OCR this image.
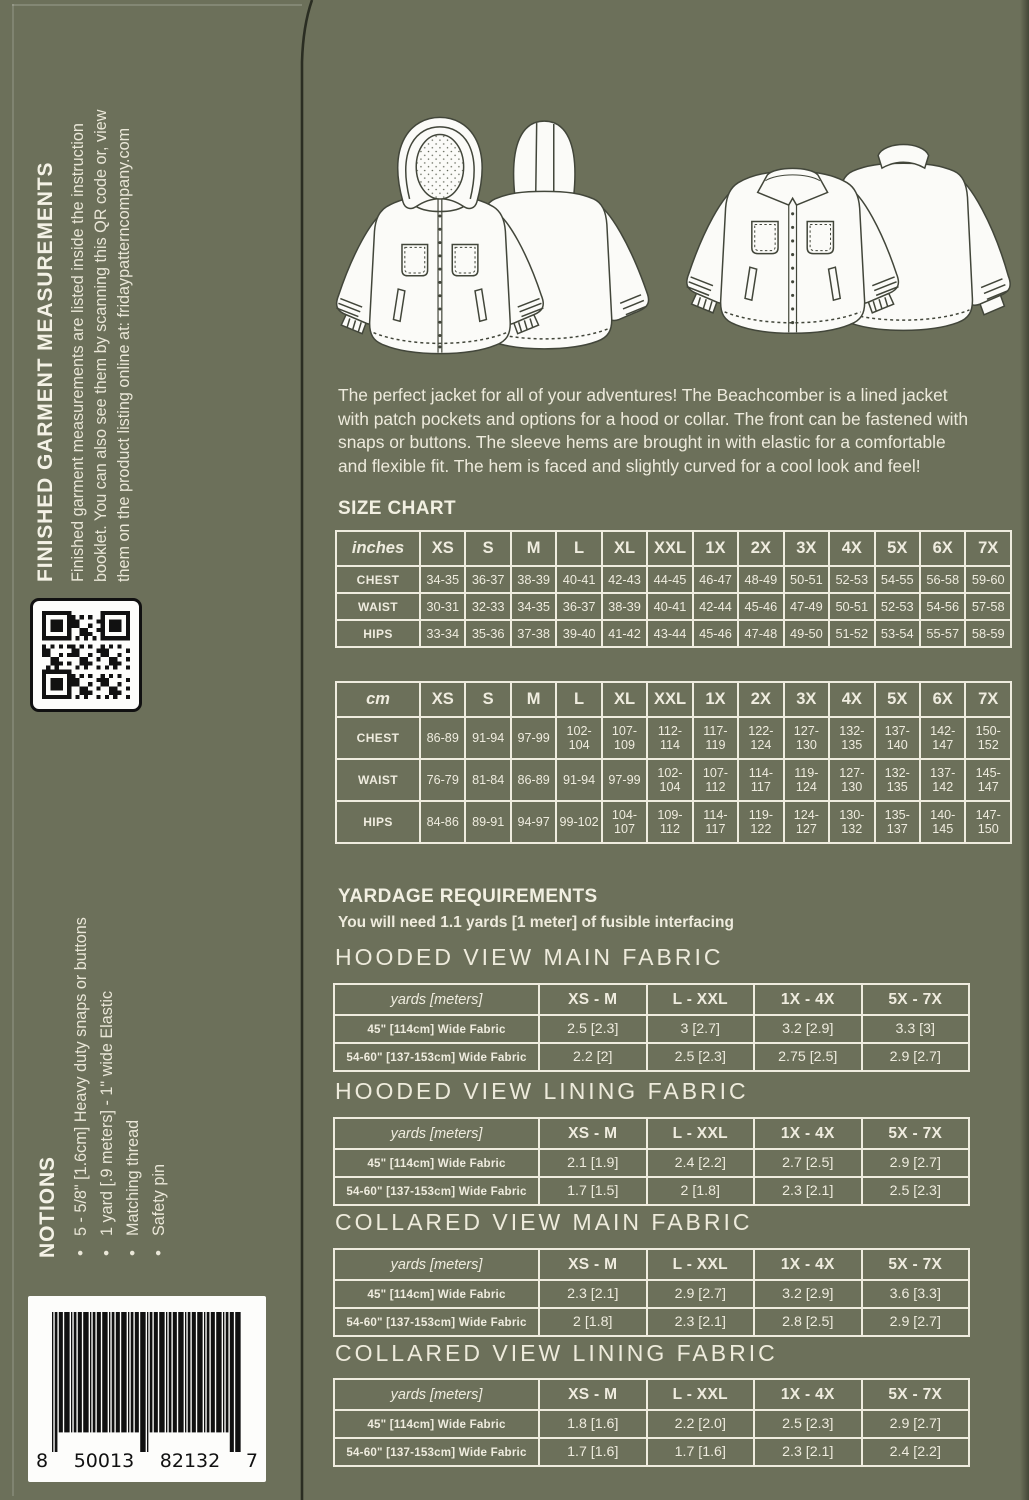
FINISHED GARMENT MEASUREMENTS Finished garment measurements are listed inside the instruction booklet. You can also see them by scanning this QR code or, view them on the product listing online at: fridaypatterncompany.com
NOTIONS • 5 - 5/8" [1.6cm] Heavy duty snaps or buttons • 1 yard [.9 meters] - 1" wide Elastic • Matching thread • Safety pin
8 50013 82132 7
The perfect jacket for all of your adventures! The Beachcomber is a lined jacket
with patch pockets and options for a hood or collar. The front can be fastened with
snaps or buttons. The sleeve hems are brought in with elastic for a comfortable
and flexible fit. The hem is faced and slightly curved for a cool look and feel!
SIZE CHART
inches	XS	S	M	L	XL	XXL	1X	2X	3X	4X	5X	6X	7X
CHEST	34-35	36-37	38-39	40-41	42-43	44-45	46-47	48-49	50-51	52-53	54-55	56-58	59-60
WAIST	30-31	32-33	34-35	36-37	38-39	40-41	42-44	45-46	47-49	50-51	52-53	54-56	57-58
HIPS	33-34	35-36	37-38	39-40	41-42	43-44	45-46	47-48	49-50	51-52	53-54	55-57	58-59
cm	XS	S	M	L	XL	XXL	1X	2X	3X	4X	5X	6X	7X
CHEST	86-89	91-94	97-99	102-104	107-109	112-114	117-119	122-124	127-130	132-135	137-140	142-147	150-152
WAIST	76-79	81-84	86-89	91-94	97-99	102-104	107-112	114-117	119-124	127-130	132-135	137-142	145-147
HIPS	84-86	89-91	94-97	99-102	104-107	109-112	114-117	119-122	124-127	130-132	135-137	140-145	147-150
YARDAGE REQUIREMENTS
You will need 1.1 yards [1 meter] of fusible interfacing
HOODED VIEW MAIN FABRIC
yards [meters]	XS - M	L - XXL	1X - 4X	5X - 7X
45" [114cm] Wide Fabric	2.5 [2.3]	3 [2.7]	3.2 [2.9]	3.3 [3]
54-60" [137-153cm] Wide Fabric	2.2 [2]	2.5 [2.3]	2.75 [2.5]	2.9 [2.7]
HOODED VIEW LINING FABRIC
yards [meters]	XS - M	L - XXL	1X - 4X	5X - 7X
45" [114cm] Wide Fabric	2.1 [1.9]	2.4 [2.2]	2.7 [2.5]	2.9 [2.7]
54-60" [137-153cm] Wide Fabric	1.7 [1.5]	2 [1.8]	2.3 [2.1]	2.5 [2.3]
COLLARED VIEW MAIN FABRIC
yards [meters]	XS - M	L - XXL	1X - 4X	5X - 7X
45" [114cm] Wide Fabric	2.3 [2.1]	2.9 [2.7]	3.2 [2.9]	3.6 [3.3]
54-60" [137-153cm] Wide Fabric	2 [1.8]	2.3 [2.1]	2.8 [2.5]	2.9 [2.7]
COLLARED VIEW LINING FABRIC
yards [meters]	XS - M	L - XXL	1X - 4X	5X - 7X
45" [114cm] Wide Fabric	1.8 [1.6]	2.2 [2.0]	2.5 [2.3]	2.9 [2.7]
54-60" [137-153cm] Wide Fabric	1.7 [1.6]	1.7 [1.6]	2.3 [2.1]	2.4 [2.2]
